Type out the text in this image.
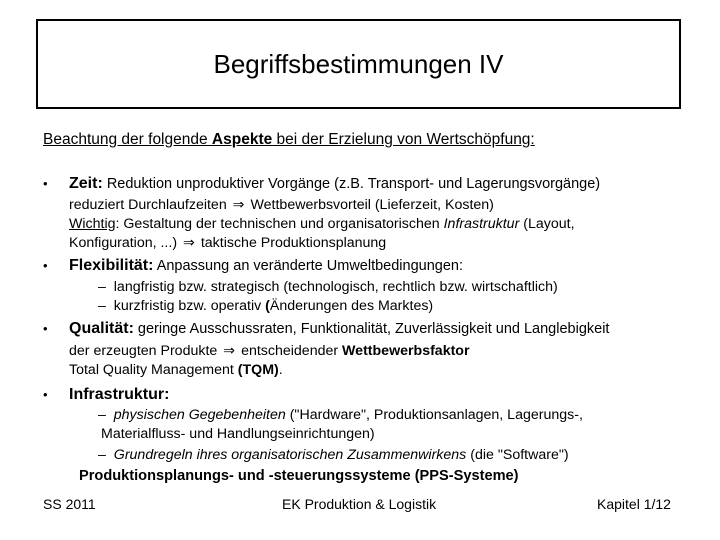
Begriffsbestimmungen IV
Beachtung der folgende Aspekte bei der Erzielung von Wertschöpfung:
• Zeit: Reduktion unproduktiver Vorgänge (z.B. Transport- und Lagerungsvorgänge)
reduziert Durchlaufzeiten ⇒ Wettbewerbsvorteil (Lieferzeit, Kosten)
Wichtig: Gestaltung der technischen und organisatorischen Infrastruktur (Layout,
Konfiguration, ...) ⇒ taktische Produktionsplanung
• Flexibilität: Anpassung an veränderte Umweltbedingungen:
– langfristig bzw. strategisch (technologisch, rechtlich bzw. wirtschaftlich)
– kurzfristig bzw. operativ (Änderungen des Marktes)
• Qualität: geringe Ausschussraten, Funktionalität, Zuverlässigkeit und Langlebigkeit
der erzeugten Produkte ⇒ entscheidender Wettbewerbsfaktor
Total Quality Management (TQM).
• Infrastruktur:
– physischen Gegebenheiten ("Hardware", Produktionsanlagen, Lagerungs-,
Materialfluss- und Handlungseinrichtungen)
– Grundregeln ihres organisatorischen Zusammenwirkens (die "Software")
Produktionsplanungs- und -steuerungssysteme (PPS-Systeme)
SS 2011	EK Produktion & Logistik	Kapitel 1/12
